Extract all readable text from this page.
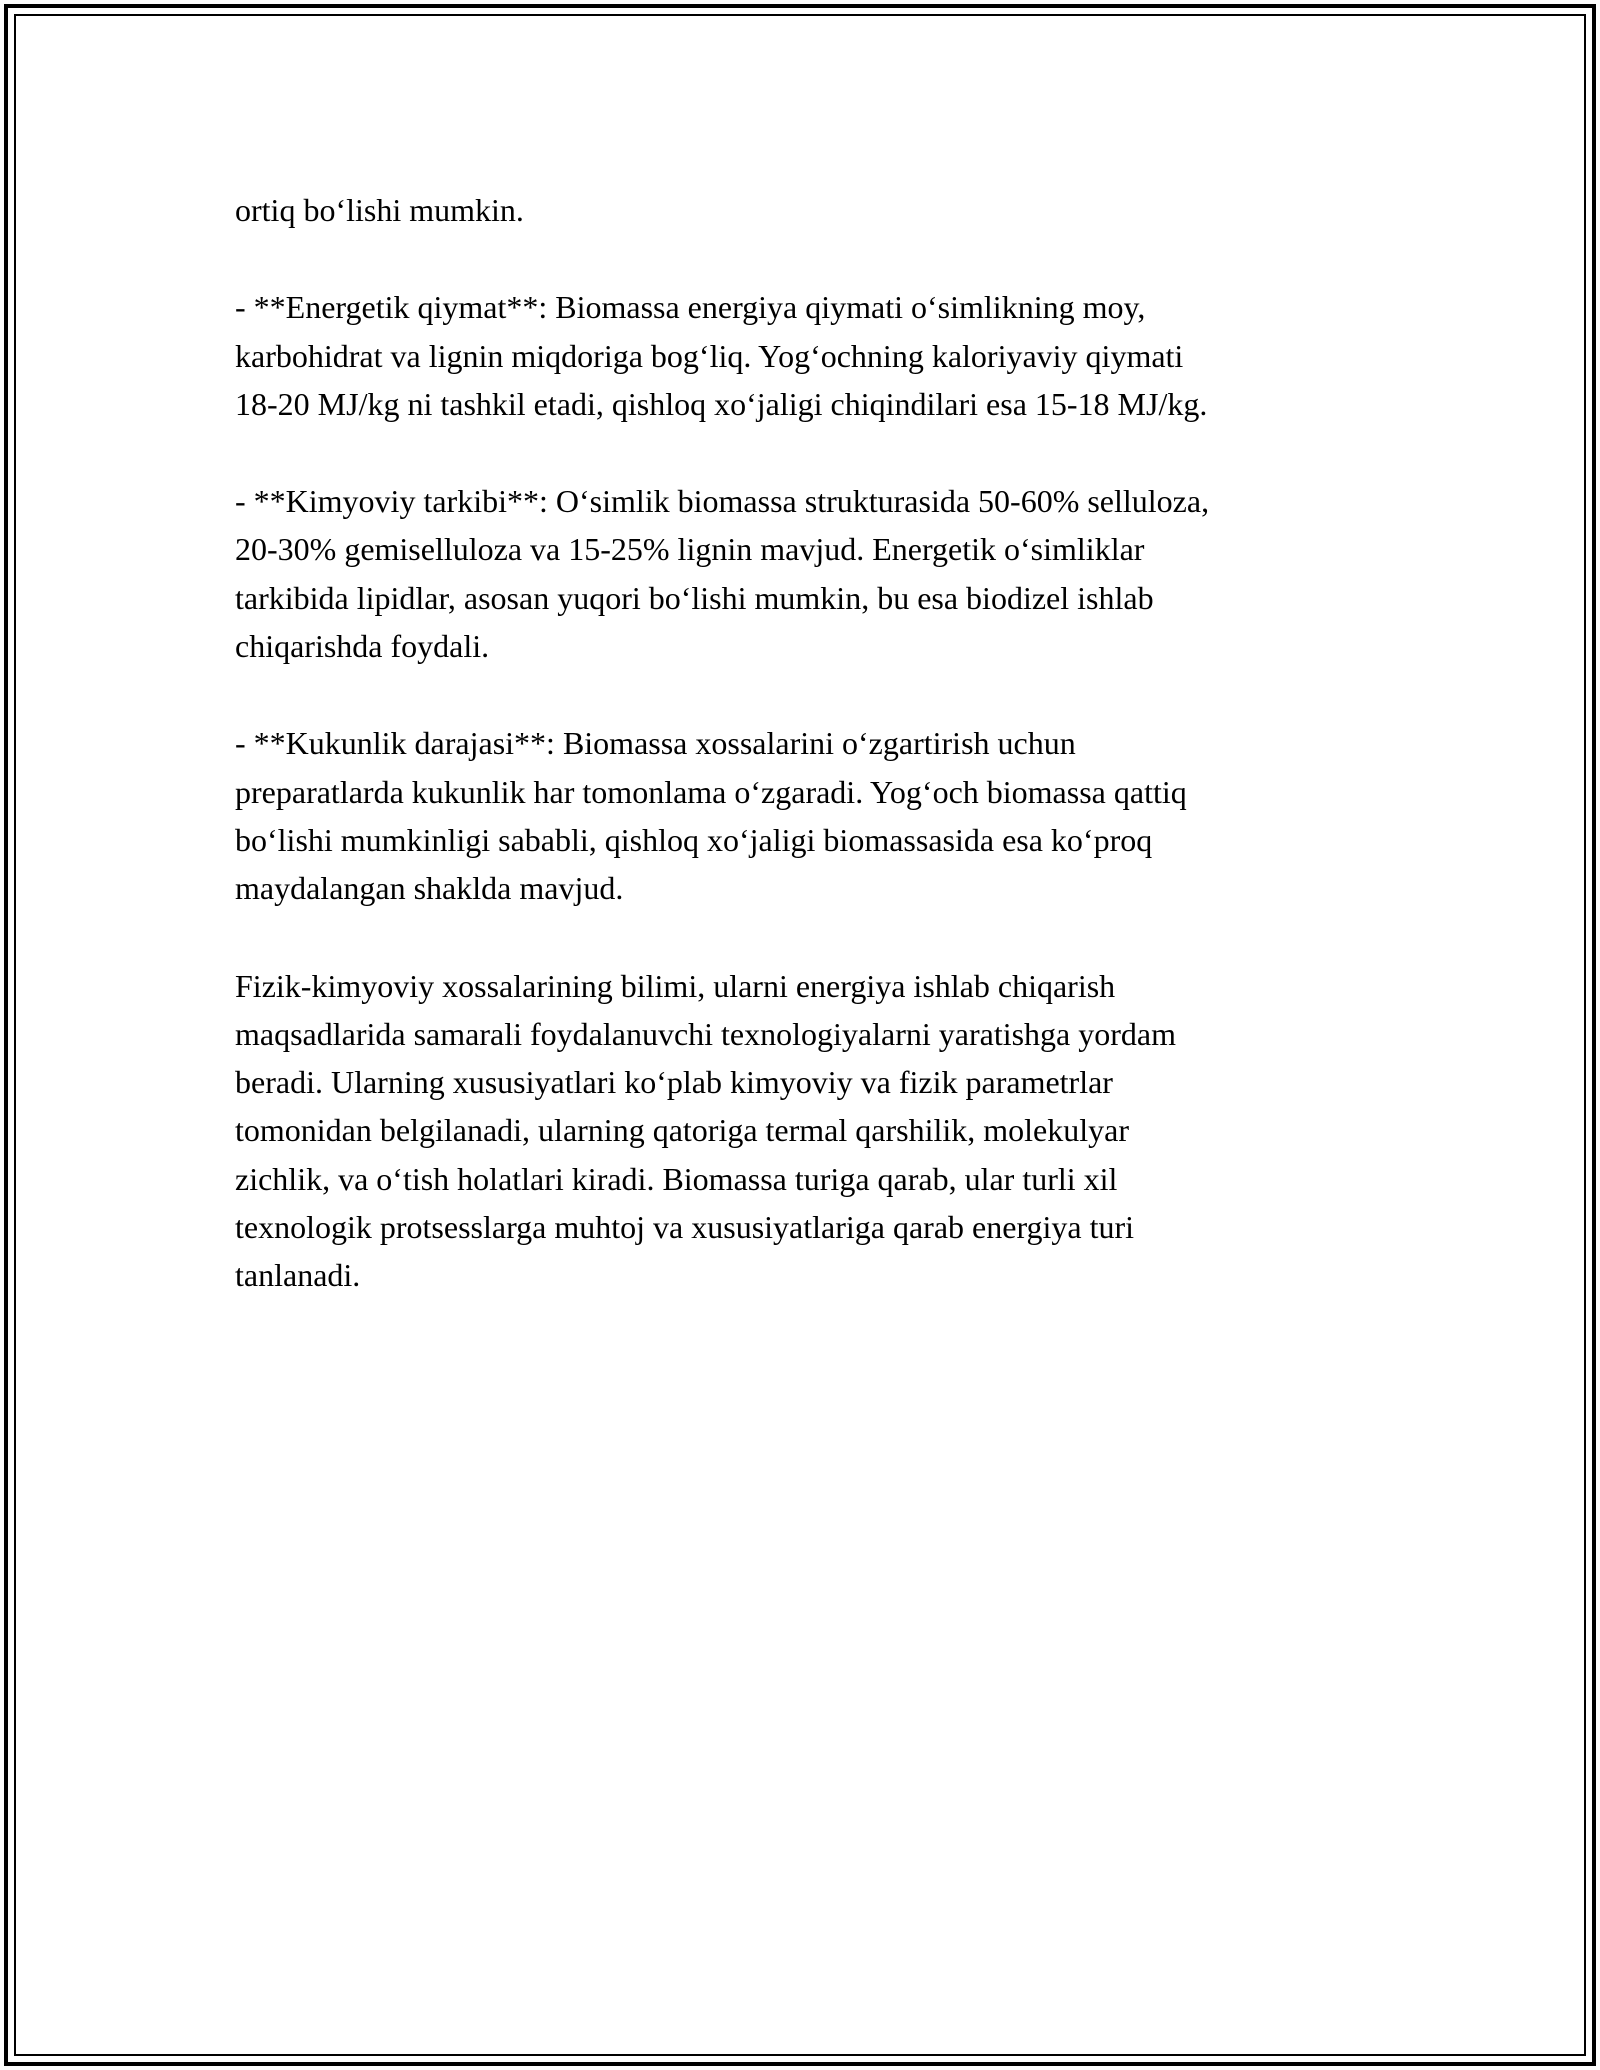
ortiq bo‘lishi mumkin.

- **Energetik qiymat**: Biomassa energiya qiymati o‘simlikning moy,
karbohidrat va lignin miqdoriga bog‘liq. Yog‘ochning kaloriyaviy qiymati
18-20 MJ/kg ni tashkil etadi, qishloq xo‘jaligi chiqindilari esa 15-18 MJ/kg.

- **Kimyoviy tarkibi**: O‘simlik biomassa strukturasida 50-60% selluloza,
20-30% gemiselluloza va 15-25% lignin mavjud. Energetik o‘simliklar
tarkibida lipidlar, asosan yuqori bo‘lishi mumkin, bu esa biodizel ishlab
chiqarishda foydali.

- **Kukunlik darajasi**: Biomassa xossalarini o‘zgartirish uchun
preparatlarda kukunlik har tomonlama o‘zgaradi. Yog‘och biomassa qattiq
bo‘lishi mumkinligi sababli, qishloq xo‘jaligi biomassasida esa ko‘proq
maydalangan shaklda mavjud.

Fizik-kimyoviy xossalarining bilimi, ularni energiya ishlab chiqarish
maqsadlarida samarali foydalanuvchi texnologiyalarni yaratishga yordam
beradi. Ularning xususiyatlari ko‘plab kimyoviy va fizik parametrlar
tomonidan belgilanadi, ularning qatoriga termal qarshilik, molekulyar
zichlik, va o‘tish holatlari kiradi. Biomassa turiga qarab, ular turli xil
texnologik protsesslarga muhtoj va xususiyatlariga qarab energiya turi
tanlanadi.
